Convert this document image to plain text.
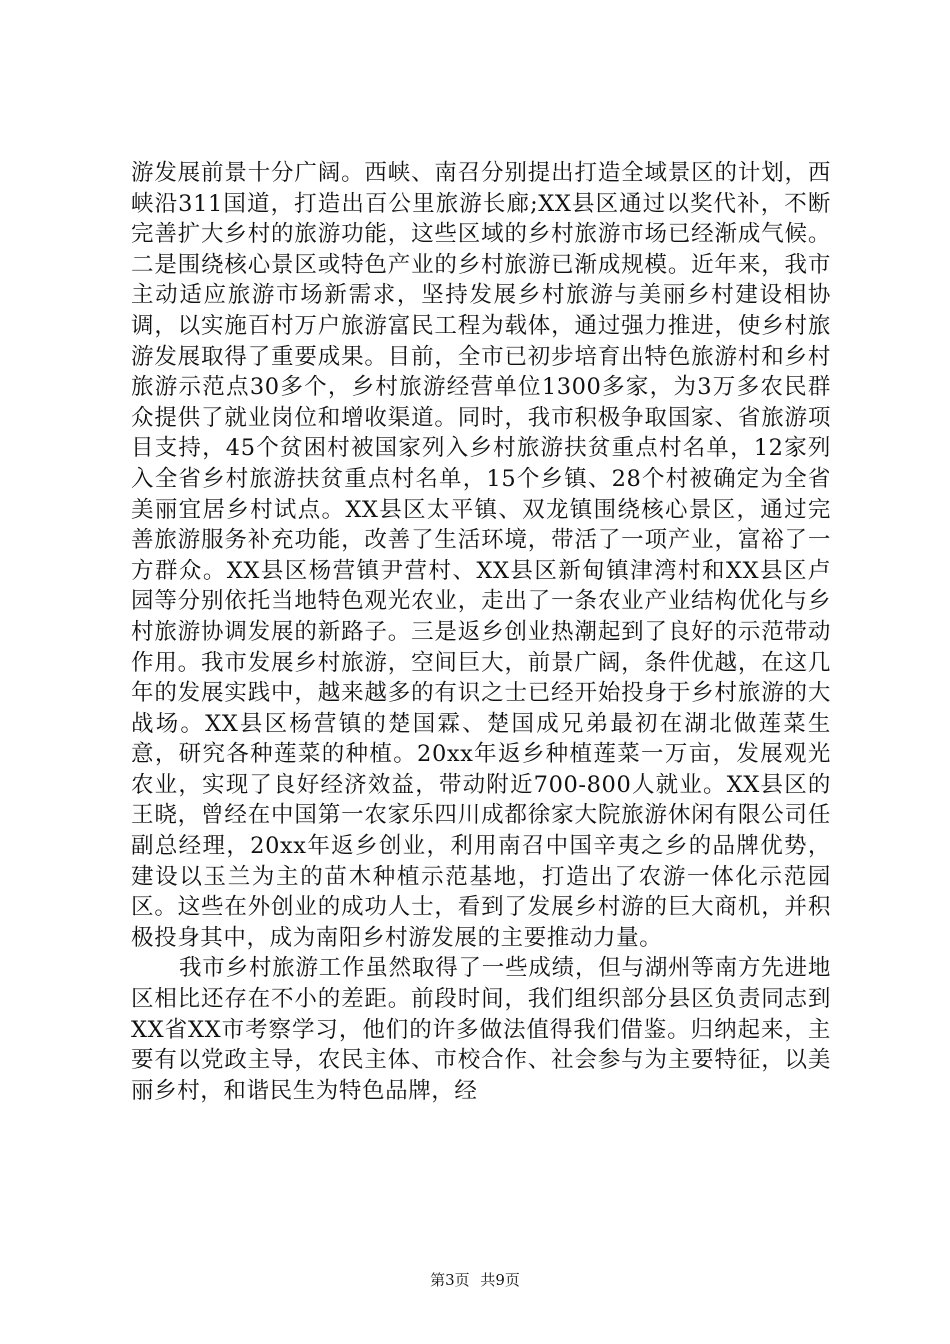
游发展前景十分广阔。西峡、南召分别提出打造全域景区的计划，西峡沿311国道，打造出百公里旅游长廊;XX县区通过以奖代补，不断完善扩大乡村的旅游功能，这些区域的乡村旅游市场已经渐成气候。二是围绕核心景区或特色产业的乡村旅游已渐成规模。近年来，我市主动适应旅游市场新需求，坚持发展乡村旅游与美丽乡村建设相协调，以实施百村万户旅游富民工程为载体，通过强力推进，使乡村旅游发展取得了重要成果。目前，全市已初步培育出特色旅游村和乡村旅游示范点30多个，乡村旅游经营单位1300多家，为3万多农民群众提供了就业岗位和增收渠道。同时，我市积极争取国家、省旅游项目支持，45个贫困村被国家列入乡村旅游扶贫重点村名单，12家列入全省乡村旅游扶贫重点村名单，15个乡镇、28个村被确定为全省美丽宜居乡村试点。XX县区太平镇、双龙镇围绕核心景区，通过完善旅游服务补充功能，改善了生活环境，带活了一项产业，富裕了一方群众。XX县区杨营镇尹营村、XX县区新甸镇津湾村和XX县区卢园等分别依托当地特色观光农业，走出了一条农业产业结构优化与乡村旅游协调发展的新路子。三是返乡创业热潮起到了良好的示范带动作用。我市发展乡村旅游，空间巨大，前景广阔，条件优越，在这几年的发展实践中，越来越多的有识之士已经开始投身于乡村旅游的大战场。XX县区杨营镇的楚国霖、楚国成兄弟最初在湖北做莲菜生意，研究各种莲菜的种植。20xx年返乡种植莲菜一万亩，发展观光农业，实现了良好经济效益，带动附近700-800人就业。XX县区的王晓，曾经在中国第一农家乐四川成都徐家大院旅游休闲有限公司任副总经理，20xx年返乡创业，利用南召中国辛夷之乡的品牌优势，建设以玉兰为主的苗木种植示范基地，打造出了农游一体化示范园区。这些在外创业的成功人士，看到了发展乡村游的巨大商机，并积极投身其中，成为南阳乡村游发展的主要推动力量。

我市乡村旅游工作虽然取得了一些成绩，但与湖州等南方先进地区相比还存在不小的差距。前段时间，我们组织部分县区负责同志到XX省XX市考察学习，他们的许多做法值得我们借鉴。归纳起来，主要有以党政主导，农民主体、市校合作、社会参与为主要特征，以美丽乡村，和谐民生为特色品牌，经

第3页 共9页
